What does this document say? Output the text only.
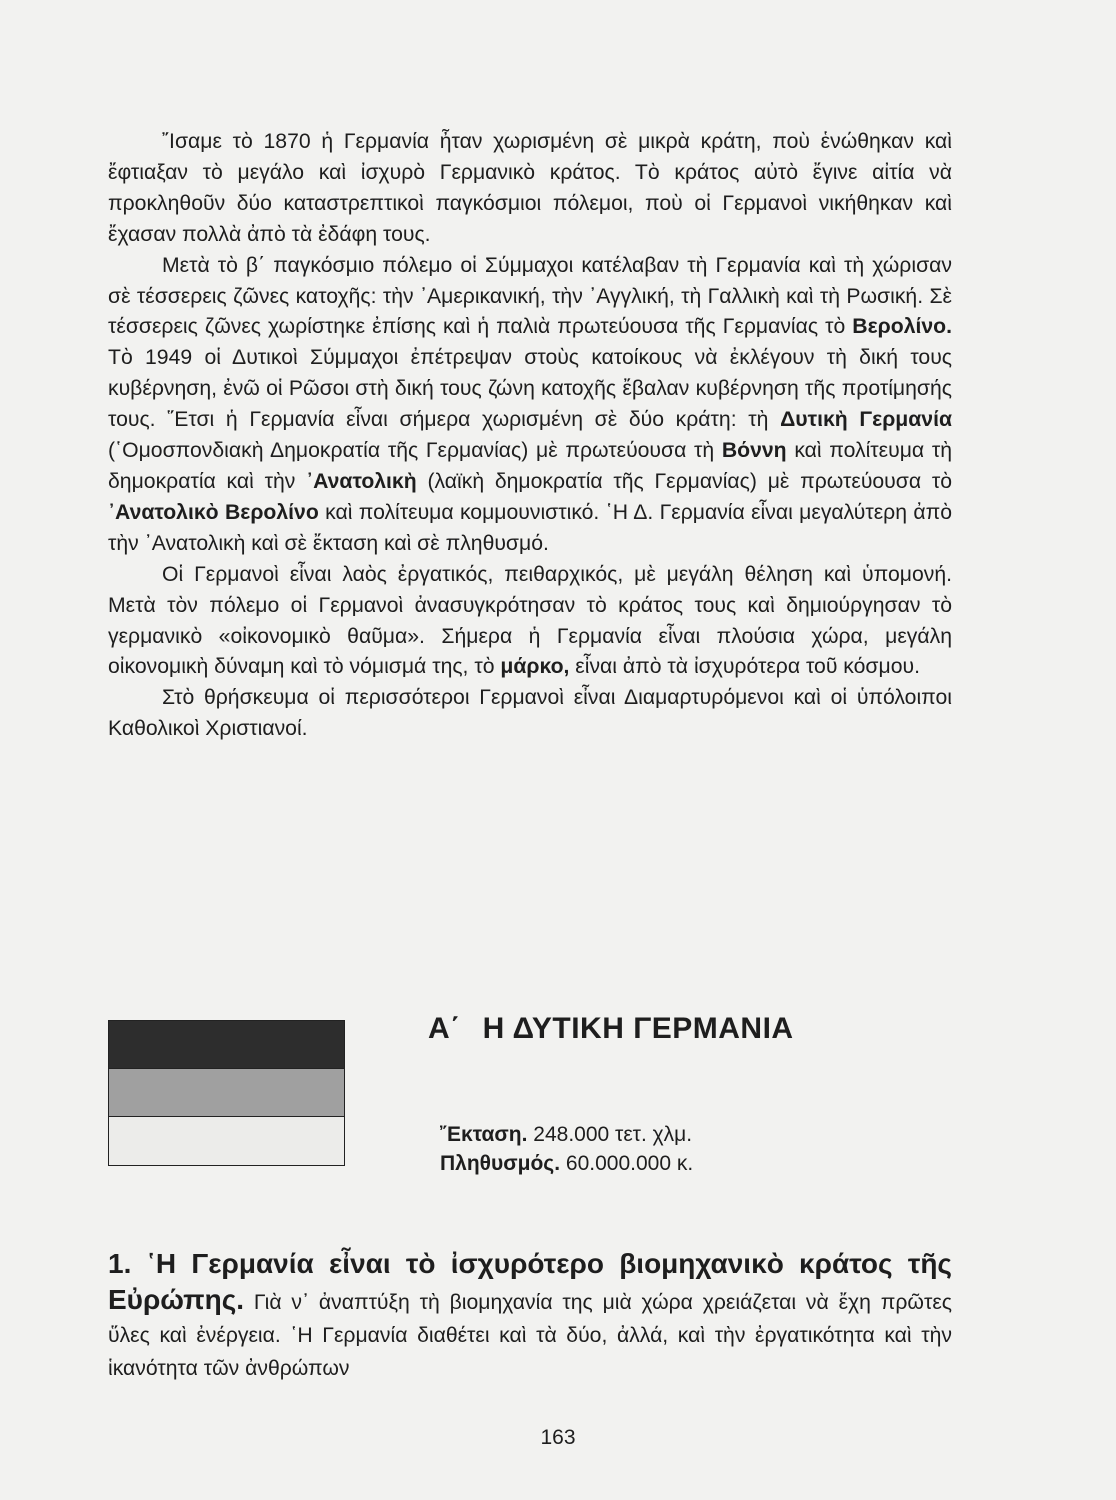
῎Ισαμε τὸ 1870 ἡ Γερμανία ἦταν χωρισμένη σὲ μικρὰ κράτη, ποὺ ἑνώθηκαν καὶ ἔφτιαξαν τὸ μεγάλο καὶ ἰσχυρὸ Γερμανικὸ κράτος. Τὸ κράτος αὐτὸ ἔγινε αἰτία νὰ προκληθοῦν δύο καταστρεπτικοὶ παγκόσμιοι πόλεμοι, ποὺ οἱ Γερμανοὶ νικήθηκαν καὶ ἔχασαν πολλὰ ἀπὸ τὰ ἐδάφη τους.

Μετὰ τὸ β΄ παγκόσμιο πόλεμο οἱ Σύμμαχοι κατέλαβαν τὴ Γερμανία καὶ τὴ χώρισαν σὲ τέσσερεις ζῶνες κατοχῆς: τὴν ᾿Αμερικανική, τὴν ᾿Αγγλική, τὴ Γαλλικὴ καὶ τὴ Ρωσική. Σὲ τέσσερεις ζῶνες χωρίστηκε ἐπίσης καὶ ἡ παλιὰ πρωτεύουσα τῆς Γερμανίας τὸ Βερολίνο. Τὸ 1949 οἱ Δυτικοὶ Σύμμαχοι ἐπέτρεψαν στοὺς κατοίκους νὰ ἐκλέγουν τὴ δική τους κυβέρνηση, ἐνῶ οἱ Ρῶσοι στὴ δική τους ζώνη κατοχῆς ἔβαλαν κυβέρνηση τῆς προτίμησής τους. ῞Ετσι ἡ Γερμανία εἶναι σήμερα χωρισμένη σὲ δύο κράτη: τὴ Δυτικὴ Γερμανία (῾Ομοσπονδιακὴ Δημοκρατία τῆς Γερμανίας) μὲ πρωτεύουσα τὴ Βόννη καὶ πολίτευμα τὴ δημοκρατία καὶ τὴν ᾿Ανατολικὴ (λαϊκὴ δημοκρατία τῆς Γερμανίας) μὲ πρωτεύουσα τὸ ᾿Ανατολικὸ Βερολίνο καὶ πολίτευμα κομμουνιστικό. ῾Η Δ. Γερμανία εἶναι μεγαλύτερη ἀπὸ τὴν ᾿Ανατολικὴ καὶ σὲ ἔκταση καὶ σὲ πληθυσμό.

Οἱ Γερμανοὶ εἶναι λαὸς ἐργατικός, πειθαρχικός, μὲ μεγάλη θέληση καὶ ὑπομονή. Μετὰ τὸν πόλεμο οἱ Γερμανοὶ ἀνασυγκρότησαν τὸ κράτος τους καὶ δημιούργησαν τὸ γερμανικὸ «οἰκονομικὸ θαῦμα». Σήμερα ἡ Γερμανία εἶναι πλούσια χώρα, μεγάλη οἰκονομικὴ δύναμη καὶ τὸ νόμισμά της, τὸ μάρκο, εἶναι ἀπὸ τὰ ἰσχυρότερα τοῦ κόσμου.

Στὸ θρήσκευμα οἱ περισσότεροι Γερμανοὶ εἶναι Διαμαρτυρόμενοι καὶ οἱ ὑπόλοιποι Καθολικοὶ Χριστιανοί.

Α΄ Η ΔΥΤΙΚΗ ΓΕΡΜΑΝΙΑ
῎Εκταση. 248.000 τετ. χλμ.
Πληθυσμός. 60.000.000 κ.

1. ῾Η Γερμανία εἶναι τὸ ἰσχυρότερο βιομηχανικὸ κράτος τῆς Εὐρώπης. Γιὰ ν᾿ ἀναπτύξη τὴ βιομηχανία της μιὰ χώρα χρειάζεται νὰ ἔχη πρῶτες ὕλες καὶ ἐνέργεια. ῾Η Γερμανία διαθέτει καὶ τὰ δύο, ἀλλά, καὶ τὴν ἐργατικότητα καὶ τὴν ἱκανότητα τῶν ἀνθρώπων

163
